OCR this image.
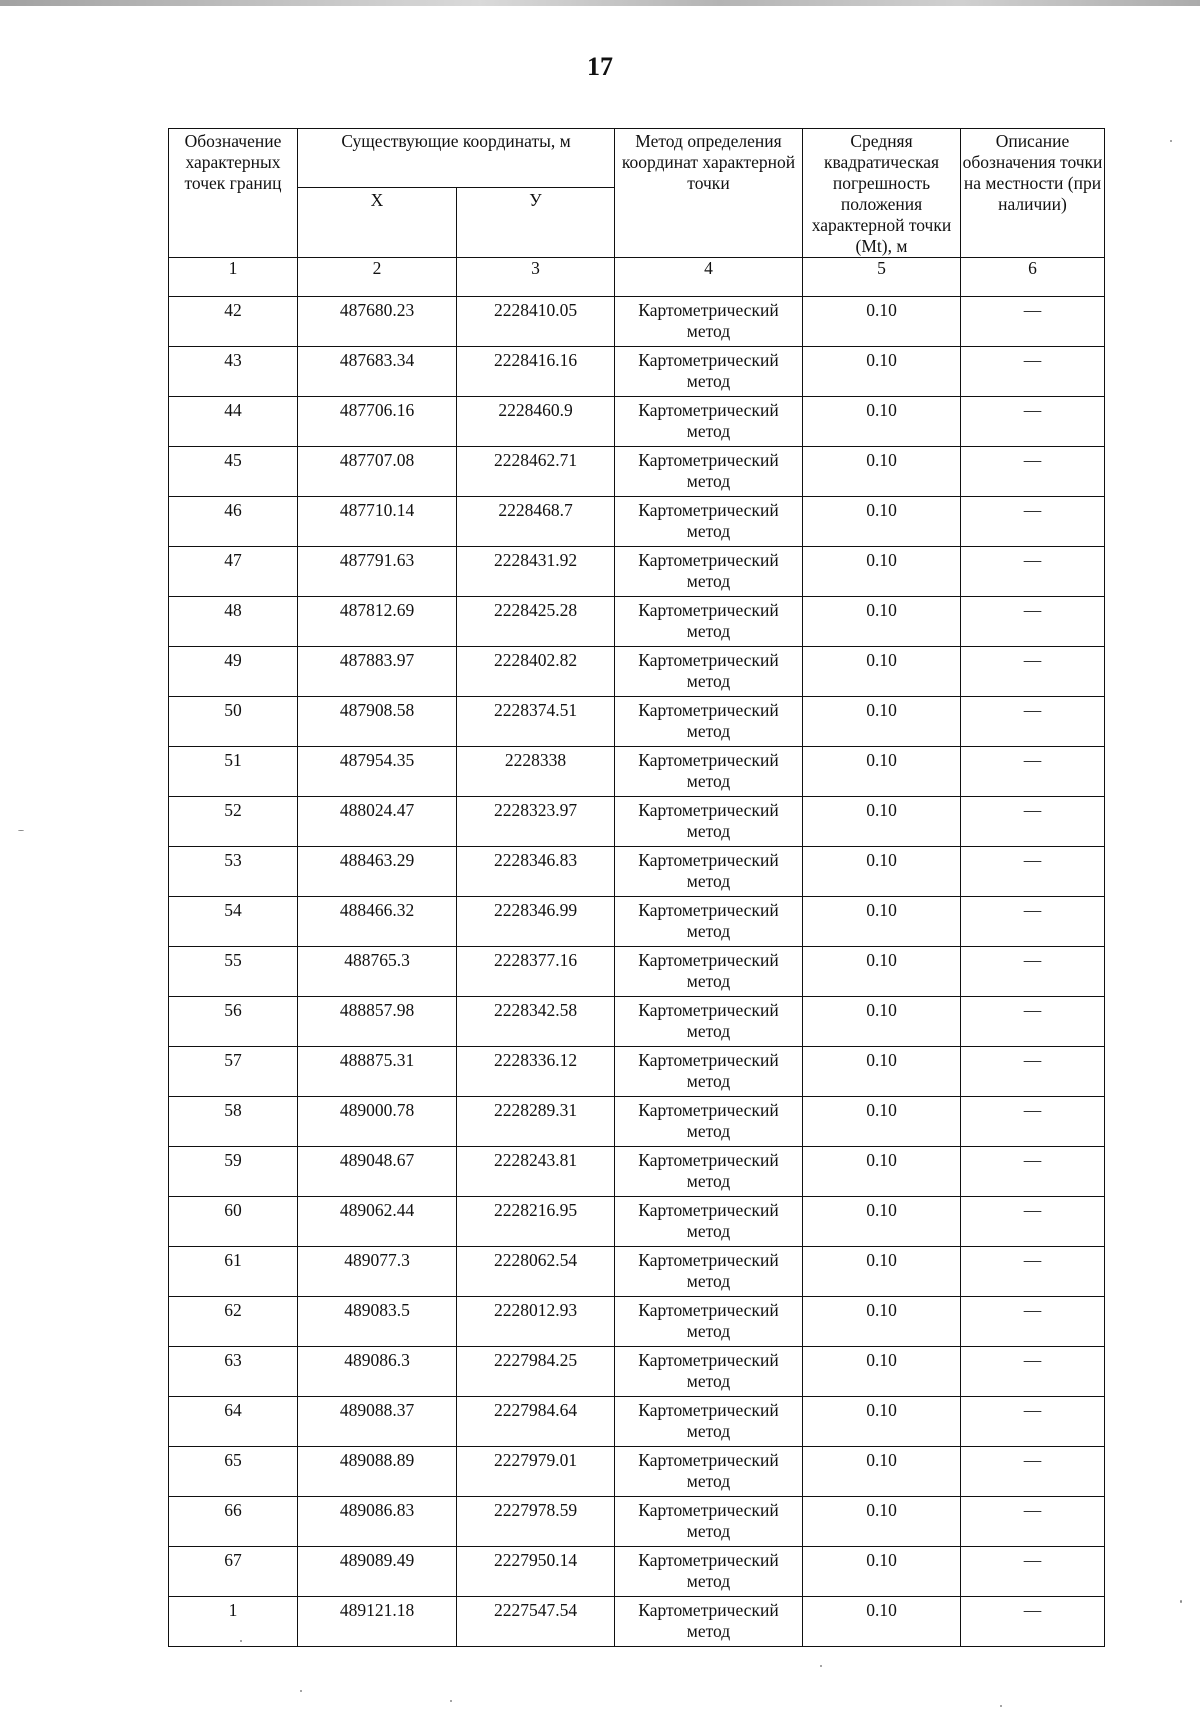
17
Обозначение характерных точек границ	Существующие координаты, м		Метод определения координат характерной точки	Средняя квадратическая погрешность положения характерной точки (Mt), м	Описание обозначения точки на местности (при наличии)
	X	У			
1	2	3	4	5	6
42	487680.23	2228410.05	Картометрический метод	0.10	—
43	487683.34	2228416.16	Картометрический метод	0.10	—
44	487706.16	2228460.9	Картометрический метод	0.10	—
45	487707.08	2228462.71	Картометрический метод	0.10	—
46	487710.14	2228468.7	Картометрический метод	0.10	—
47	487791.63	2228431.92	Картометрический метод	0.10	—
48	487812.69	2228425.28	Картометрический метод	0.10	—
49	487883.97	2228402.82	Картометрический метод	0.10	—
50	487908.58	2228374.51	Картометрический метод	0.10	—
51	487954.35	2228338	Картометрический метод	0.10	—
52	488024.47	2228323.97	Картометрический метод	0.10	—
53	488463.29	2228346.83	Картометрический метод	0.10	—
54	488466.32	2228346.99	Картометрический метод	0.10	—
55	488765.3	2228377.16	Картометрический метод	0.10	—
56	488857.98	2228342.58	Картометрический метод	0.10	—
57	488875.31	2228336.12	Картометрический метод	0.10	—
58	489000.78	2228289.31	Картометрический метод	0.10	—
59	489048.67	2228243.81	Картометрический метод	0.10	—
60	489062.44	2228216.95	Картометрический метод	0.10	—
61	489077.3	2228062.54	Картометрический метод	0.10	—
62	489083.5	2228012.93	Картометрический метод	0.10	—
63	489086.3	2227984.25	Картометрический метод	0.10	—
64	489088.37	2227984.64	Картометрический метод	0.10	—
65	489088.89	2227979.01	Картометрический метод	0.10	—
66	489086.83	2227978.59	Картометрический метод	0.10	—
67	489089.49	2227950.14	Картометрический метод	0.10	—
1	489121.18	2227547.54	Картометрический метод	0.10	—
